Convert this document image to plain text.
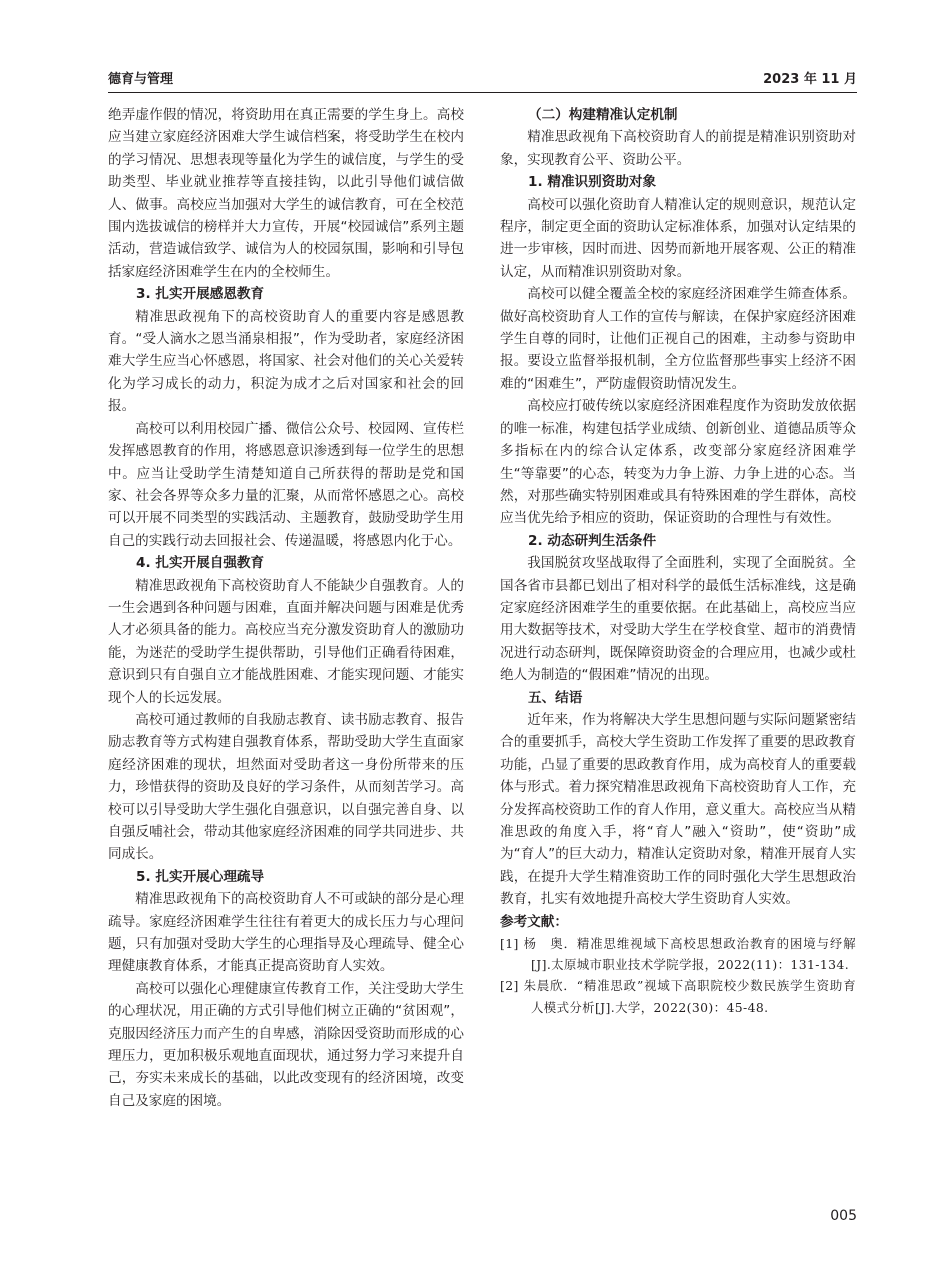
德育与管理	2023 年 11 月

绝弄虚作假的情况，将资助用在真正需要的学生身上。高校应当建立家庭经济困难大学生诚信档案，将受助学生在校内的学习情况、思想表现等量化为学生的诚信度，与学生的受助类型、毕业就业推荐等直接挂钩，以此引导他们诚信做人、做事。高校应当加强对大学生的诚信教育，可在全校范围内选拔诚信的榜样并大力宣传，开展“校园诚信”系列主题活动，营造诚信致学、诚信为人的校园氛围，影响和引导包括家庭经济困难学生在内的全校师生。

3. 扎实开展感恩教育

精准思政视角下的高校资助育人的重要内容是感恩教育。“受人滴水之恩当涌泉相报”，作为受助者，家庭经济困难大学生应当心怀感恩，将国家、社会对他们的关心关爱转化为学习成长的动力，积淀为成才之后对国家和社会的回报。

高校可以利用校园广播、微信公众号、校园网、宣传栏发挥感恩教育的作用，将感恩意识渗透到每一位学生的思想中。应当让受助学生清楚知道自己所获得的帮助是党和国家、社会各界等众多力量的汇聚，从而常怀感恩之心。高校可以开展不同类型的实践活动、主题教育，鼓励受助学生用自己的实践行动去回报社会、传递温暖，将感恩内化于心。

4. 扎实开展自强教育

精准思政视角下高校资助育人不能缺少自强教育。人的一生会遇到各种问题与困难，直面并解决问题与困难是优秀人才必须具备的能力。高校应当充分激发资助育人的激励功能，为迷茫的受助学生提供帮助，引导他们正确看待困难，意识到只有自强自立才能战胜困难、才能实现问题、才能实现个人的长远发展。

高校可通过教师的自我励志教育、读书励志教育、报告励志教育等方式构建自强教育体系，帮助受助大学生直面家庭经济困难的现状，坦然面对受助者这一身份所带来的压力，珍惜获得的资助及良好的学习条件，从而刻苦学习。高校可以引导受助大学生强化自强意识，以自强完善自身、以自强反哺社会，带动其他家庭经济困难的同学共同进步、共同成长。

5. 扎实开展心理疏导

精准思政视角下的高校资助育人不可或缺的部分是心理疏导。家庭经济困难学生往往有着更大的成长压力与心理问题，只有加强对受助大学生的心理指导及心理疏导、健全心理健康教育体系，才能真正提高资助育人实效。

高校可以强化心理健康宣传教育工作，关注受助大学生的心理状况，用正确的方式引导他们树立正确的“贫困观”，克服因经济压力而产生的自卑感，消除因受资助而形成的心理压力，更加积极乐观地直面现状，通过努力学习来提升自己，夯实未来成长的基础，以此改变现有的经济困境，改变自己及家庭的困境。

（二）构建精准认定机制

精准思政视角下高校资助育人的前提是精准识别资助对象，实现教育公平、资助公平。

1. 精准识别资助对象

高校可以强化资助育人精准认定的规则意识，规范认定程序，制定更全面的资助认定标准体系，加强对认定结果的进一步审核，因时而进、因势而新地开展客观、公正的精准认定，从而精准识别资助对象。

高校可以健全覆盖全校的家庭经济困难学生筛查体系。做好高校资助育人工作的宣传与解读，在保护家庭经济困难学生自尊的同时，让他们正视自己的困难，主动参与资助申报。要设立监督举报机制，全方位监督那些事实上经济不困难的“困难生”，严防虚假资助情况发生。

高校应打破传统以家庭经济困难程度作为资助发放依据的唯一标准，构建包括学业成绩、创新创业、道德品质等众多指标在内的综合认定体系，改变部分家庭经济困难学生“等靠要”的心态，转变为力争上游、力争上进的心态。当然，对那些确实特别困难或具有特殊困难的学生群体，高校应当优先给予相应的资助，保证资助的合理性与有效性。

2. 动态研判生活条件

我国脱贫攻坚战取得了全面胜利，实现了全面脱贫。全国各省市县都已划出了相对科学的最低生活标准线，这是确定家庭经济困难学生的重要依据。在此基础上，高校应当应用大数据等技术，对受助大学生在学校食堂、超市的消费情况进行动态研判，既保障资助资金的合理应用，也减少或杜绝人为制造的“假困难”情况的出现。

五、结语

近年来，作为将解决大学生思想问题与实际问题紧密结合的重要抓手，高校大学生资助工作发挥了重要的思政教育功能，凸显了重要的思政教育作用，成为高校育人的重要载体与形式。着力探究精准思政视角下高校资助育人工作，充分发挥高校资助工作的育人作用，意义重大。高校应当从精准思政的角度入手，将“育人”融入“资助”，使“资助”成为“育人”的巨大动力，精准认定资助对象，精准开展育人实践，在提升大学生精准资助工作的同时强化大学生思想政治教育，扎实有效地提升高校大学生资助育人实效。

参考文献：

[1] 杨　奥．精准思维视域下高校思想政治教育的困境与纾解[J].太原城市职业技术学院学报，2022(11)：131-134.

[2] 朱晨欣．“精准思政”视域下高职院校少数民族学生资助育人模式分析[J].大学，2022(30)：45-48.

005
